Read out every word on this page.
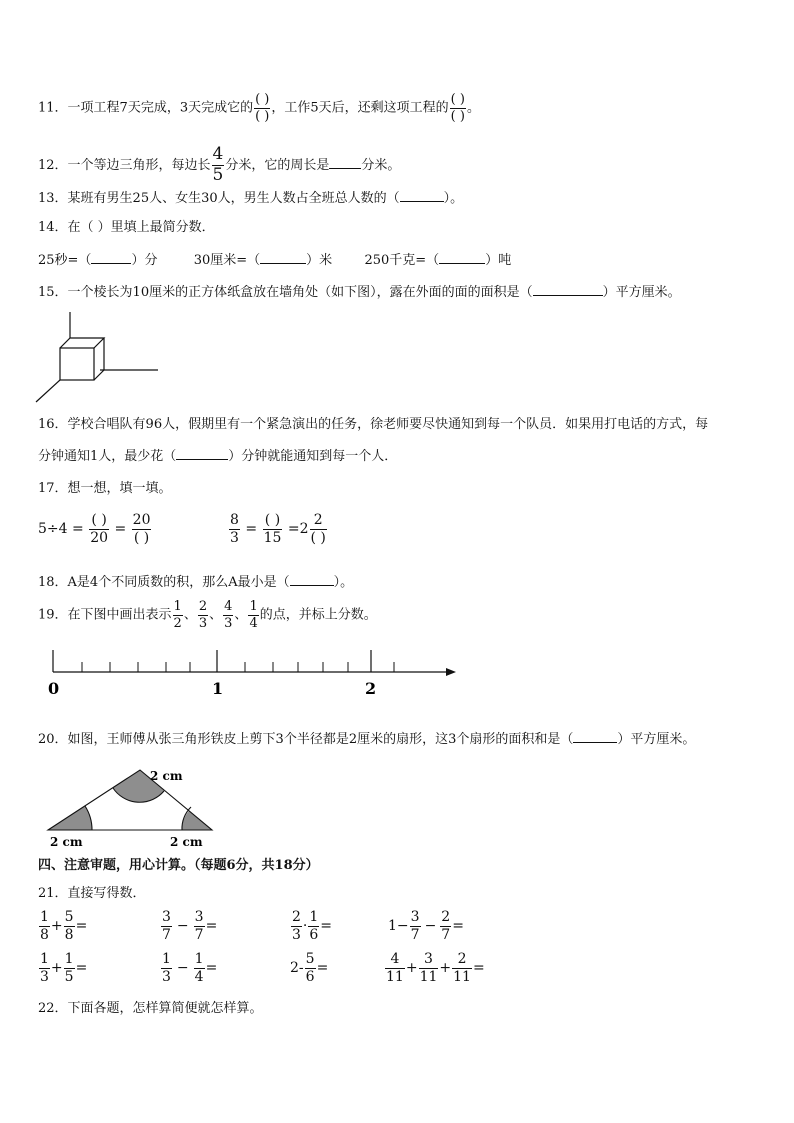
11．一项工程7天完成，3天完成它的 $\frac{( )}{( )}$ ，工作5天后，还剩这项工程的 $\frac{( )}{( )}$ 。
12．一个等边三角形，每边长 $\frac{4}{5}$ 分米，它的周长是 分米。
13．某班有男生25人、女生30人，男生人数占全班总人数的（	）。
14．在（ ）里填上最简分数．
25秒=（	）分	30厘米=（	）米 250千克=（	）吨
15．一个棱长为10厘米的正方体纸盒放在墙角处（如下图），露在外面的面的面积是（	）平方厘米。
16．学校合唱队有96人，假期里有一个紧急演出的任务，徐老师要尽快通知到每一个队员．如果用打电话的方式，每
分钟通知1人，最少花（	）分钟就能通知到每一个人．
17．想一想，填一填。
$5\div 4 = \frac{( )}{20} = \frac{20}{( )}$	$\frac{8}{3} = \frac{( )}{15} =2 \frac{2}{( )}$
18．A是4个不同质数的积，那么A最小是（	）。
19．在下图中画出表示 $\frac{1}{2}$ 、 $\frac{2}{3}$ 、 $\frac{4}{3}$ 、 $\frac{1}{4}$ 的点，并标上分数。
0	1	2
20．如图，王师傅从张三角形铁皮上剪下3个半径都是2厘米的扇形，这3个扇形的面积和是（	）平方厘米。
2 cm
2 cm	2 cm
四、注意审题，用心计算。（每题6分，共18分）
21．直接写得数．
$\frac{1}{8} + \frac{5}{8}$ =	$\frac{3}{7} - \frac{3}{7}$ =	$\frac{2}{3} \cdot \frac{1}{6}$ =	$1- \frac{3}{7} - \frac{2}{7}$ =
$\frac{1}{3} + \frac{1}{5}$ =	$\frac{1}{3} - \frac{1}{4}$ =	$2- \frac{5}{6}$ =	$\frac{4}{11} + \frac{3}{11} + \frac{2}{11}$ =
22．下面各题，怎样算简便就怎样算。
